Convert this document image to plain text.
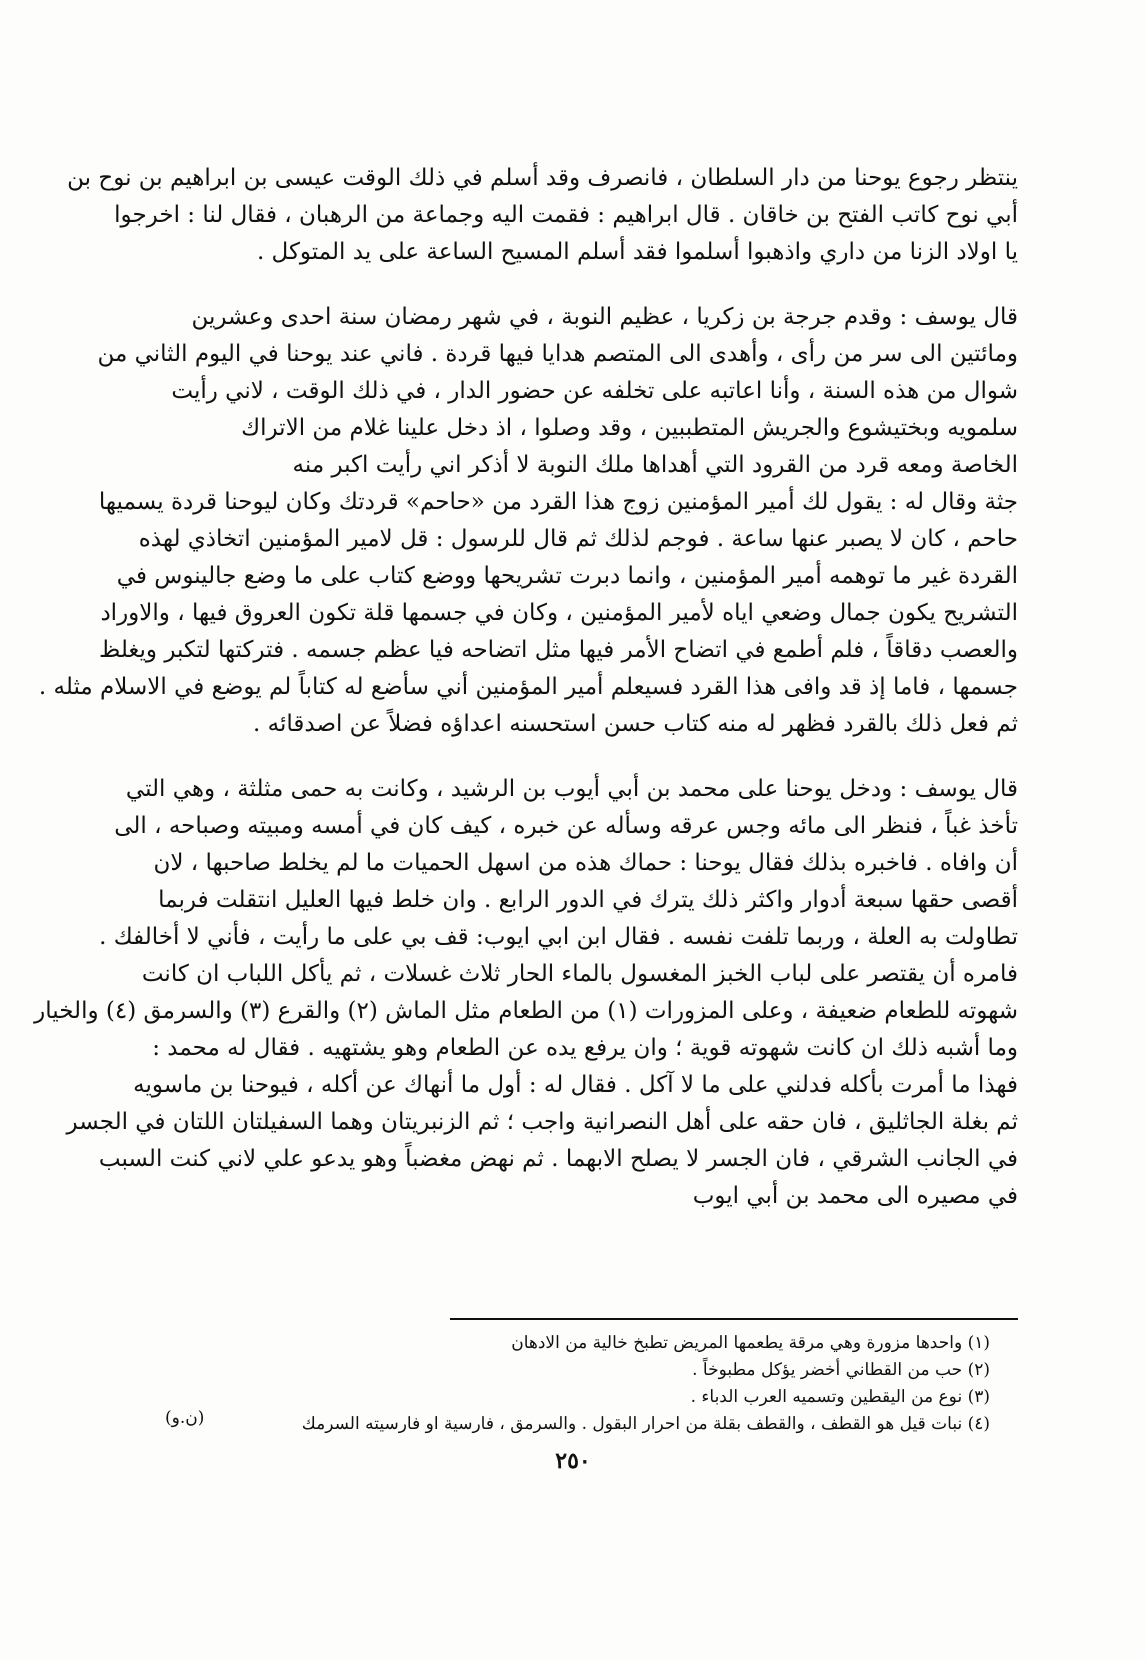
ينتظر رجوع يوحنا من دار السلطان ، فانصرف وقد أسلم في ذلك الوقت عيسى بن ابراهيم بن نوح بن
أبي نوح كاتب الفتح بن خاقان . قال ابراهيم : فقمت اليه وجماعة من الرهبان ، فقال لنا : اخرجوا
يا اولاد الزنا من داري واذهبوا أسلموا فقد أسلم المسيح الساعة على يد المتوكل .
قال يوسف : وقدم جرجة بن زكريا ، عظيم النوبة ، في شهر رمضان سنة احدى وعشرين
ومائتين الى سر من رأى ، وأهدى الى المتصم هدايا فيها قردة . فاني عند يوحنا في اليوم الثاني من
شوال من هذه السنة ، وأنا اعاتبه على تخلفه عن حضور الدار ، في ذلك الوقت ، لاني رأيت
سلمويه وبختيشوع والجريش المتطببين ، وقد وصلوا ، اذ دخل علينا غلام من الاتراك
الخاصة ومعه قرد من القرود التي أهداها ملك النوبة لا أذكر اني رأيت اكبر منه
جثة وقال له : يقول لك أمير المؤمنين زوج هذا القرد من «حاحم» قردتك وكان ليوحنا قردة يسميها
حاحم ، كان لا يصبر عنها ساعة . فوجم لذلك ثم قال للرسول : قل لامير المؤمنين اتخاذي لهذه
القردة غير ما توهمه أمير المؤمنين ، وانما دبرت تشريحها ووضع كتاب على ما وضع جالينوس في
التشريح يكون جمال وضعي اياه لأمير المؤمنين ، وكان في جسمها قلة تكون العروق فيها ، والاوراد
والعصب دقاقاً ، فلم أطمع في اتضاح الأمر فيها مثل اتضاحه فيا عظم جسمه . فتركتها لتكبر ويغلظ
جسمها ، فاما إذ قد وافى هذا القرد فسيعلم أمير المؤمنين أني سأضع له كتاباً لم يوضع في الاسلام مثله .
ثم فعل ذلك بالقرد فظهر له منه كتاب حسن استحسنه اعداؤه فضلاً عن اصدقائه .
قال يوسف : ودخل يوحنا على محمد بن أبي أيوب بن الرشيد ، وكانت به حمى مثلثة ، وهي التي
تأخذ غباً ، فنظر الى مائه وجس عرقه وسأله عن خبره ، كيف كان في أمسه ومبيته وصباحه ، الى
أن وافاه . فاخبره بذلك فقال يوحنا : حماك هذه من اسهل الحميات ما لم يخلط صاحبها ، لان
أقصى حقها سبعة أدوار واكثر ذلك يترك في الدور الرابع . وان خلط فيها العليل انتقلت فربما
تطاولت به العلة ، وربما تلفت نفسه . فقال ابن ابي ايوب: قف بي على ما رأيت ، فأني لا أخالفك .
فامره أن يقتصر على لباب الخبز المغسول بالماء الحار ثلاث غسلات ، ثم يأكل اللباب ان كانت
شهوته للطعام ضعيفة ، وعلى المزورات (١) من الطعام مثل الماش (٢) والقرع (٣) والسرمق (٤) والخيار
وما أشبه ذلك ان كانت شهوته قوية ؛ وان يرفع يده عن الطعام وهو يشتهيه . فقال له محمد :
فهذا ما أمرت بأكله فدلني على ما لا آكل . فقال له : أول ما أنهاك عن أكله ، فيوحنا بن ماسويه
ثم بغلة الجاثليق ، فان حقه على أهل النصرانية واجب ؛ ثم الزنبريتان وهما السفيلتان اللتان في الجسر
في الجانب الشرقي ، فان الجسر لا يصلح الابهما . ثم نهض مغضباً وهو يدعو علي لاني كنت السبب
في مصيره الى محمد بن أبي ايوب
(١) واحدها مزورة وهي مرقة يطعمها المريض تطبخ خالية من الادهان
(٢) حب من القطاني أخضر يؤكل مطبوخاً .
(٣) نوع من اليقطين وتسميه العرب الدباء .
(٤) نبات قيل هو القطف ، والقطف بقلة من احرار البقول . والسرمق ، فارسية او فارسيته السرمك
(ن.و)
٢٥٠
